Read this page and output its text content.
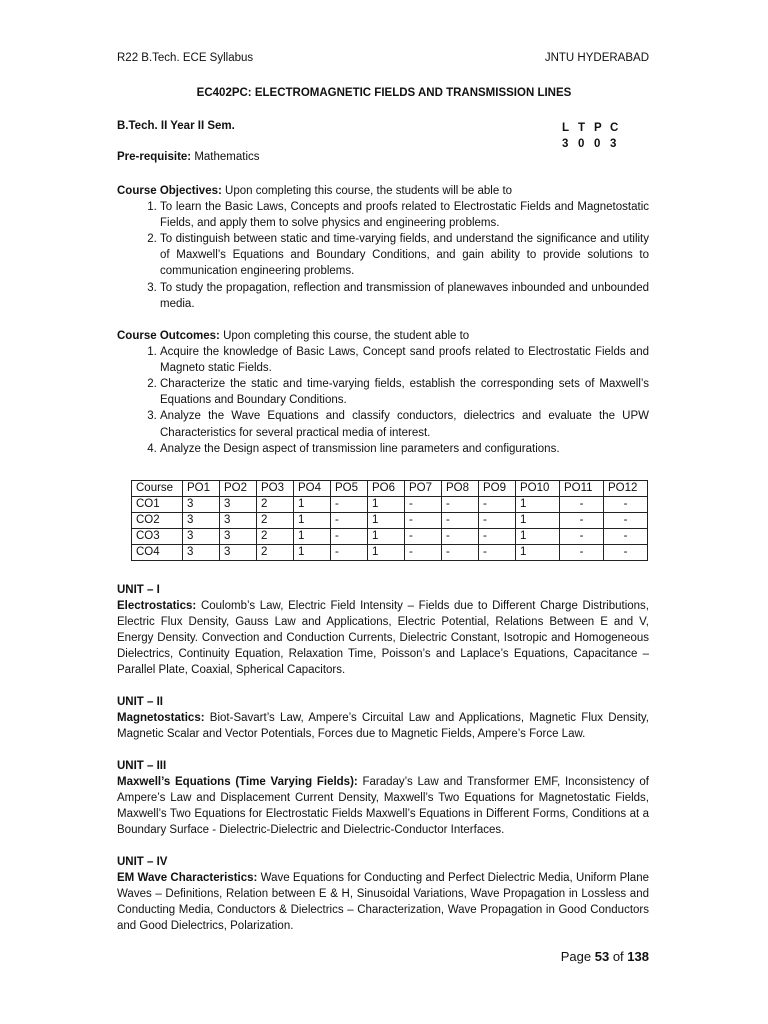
R22 B.Tech. ECE Syllabus	JNTU HYDERABAD
EC402PC: ELECTROMAGNETIC FIELDS AND TRANSMISSION LINES
B.Tech. II Year II Sem.	L T P C
3 0 0 3
Pre-requisite: Mathematics

Course Objectives: Upon completing this course, the students will be able to

1. To learn the Basic Laws, Concepts and proofs related to Electrostatic Fields and Magnetostatic Fields, and apply them to solve physics and engineering problems.
2. To distinguish between static and time-varying fields, and understand the significance and utility of Maxwell’s Equations and Boundary Conditions, and gain ability to provide solutions to communication engineering problems.
3. To study the propagation, reflection and transmission of planewaves inbounded and unbounded media.

Course Outcomes: Upon completing this course, the student able to

1. Acquire the knowledge of Basic Laws, Concept sand proofs related to Electrostatic Fields and Magneto static Fields.
2. Characterize the static and time-varying fields, establish the corresponding sets of Maxwell’s Equations and Boundary Conditions.
3. Analyze the Wave Equations and classify conductors, dielectrics and evaluate the UPW Characteristics for several practical media of interest.
4. Analyze the Design aspect of transmission line parameters and configurations.
Course	PO1	PO2	PO3	PO4	PO5	PO6	PO7	PO8	PO9	PO10	PO11	PO12
CO1	3	3	2	1	-	1	-	-	-	1	-	-
CO2	3	3	2	1	-	1	-	-	-	1	-	-
CO3	3	3	2	1	-	1	-	-	-	1	-	-
CO4	3	3	2	1	-	1	-	-	-	1	-	-

UNIT – I

Electrostatics: Coulomb’s Law, Electric Field Intensity – Fields due to Different Charge Distributions, Electric Flux Density, Gauss Law and Applications, Electric Potential, Relations Between E and V, Energy Density. Convection and Conduction Currents, Dielectric Constant, Isotropic and Homogeneous Dielectrics, Continuity Equation, Relaxation Time, Poisson’s and Laplace’s Equations, Capacitance – Parallel Plate, Coaxial, Spherical Capacitors.

UNIT – II

Magnetostatics: Biot-Savart’s Law, Ampere’s Circuital Law and Applications, Magnetic Flux Density, Magnetic Scalar and Vector Potentials, Forces due to Magnetic Fields, Ampere’s Force Law.

UNIT – III

Maxwell’s Equations (Time Varying Fields): Faraday’s Law and Transformer EMF, Inconsistency of Ampere’s Law and Displacement Current Density, Maxwell’s Two Equations for Magnetostatic Fields, Maxwell’s Two Equations for Electrostatic Fields Maxwell’s Equations in Different Forms, Conditions at a Boundary Surface - Dielectric-Dielectric and Dielectric-Conductor Interfaces.

UNIT – IV

EM Wave Characteristics: Wave Equations for Conducting and Perfect Dielectric Media, Uniform Plane Waves – Definitions, Relation between E & H, Sinusoidal Variations, Wave Propagation in Lossless and Conducting Media, Conductors & Dielectrics – Characterization, Wave Propagation in Good Conductors and Good Dielectrics, Polarization.

Page 53 of 138
